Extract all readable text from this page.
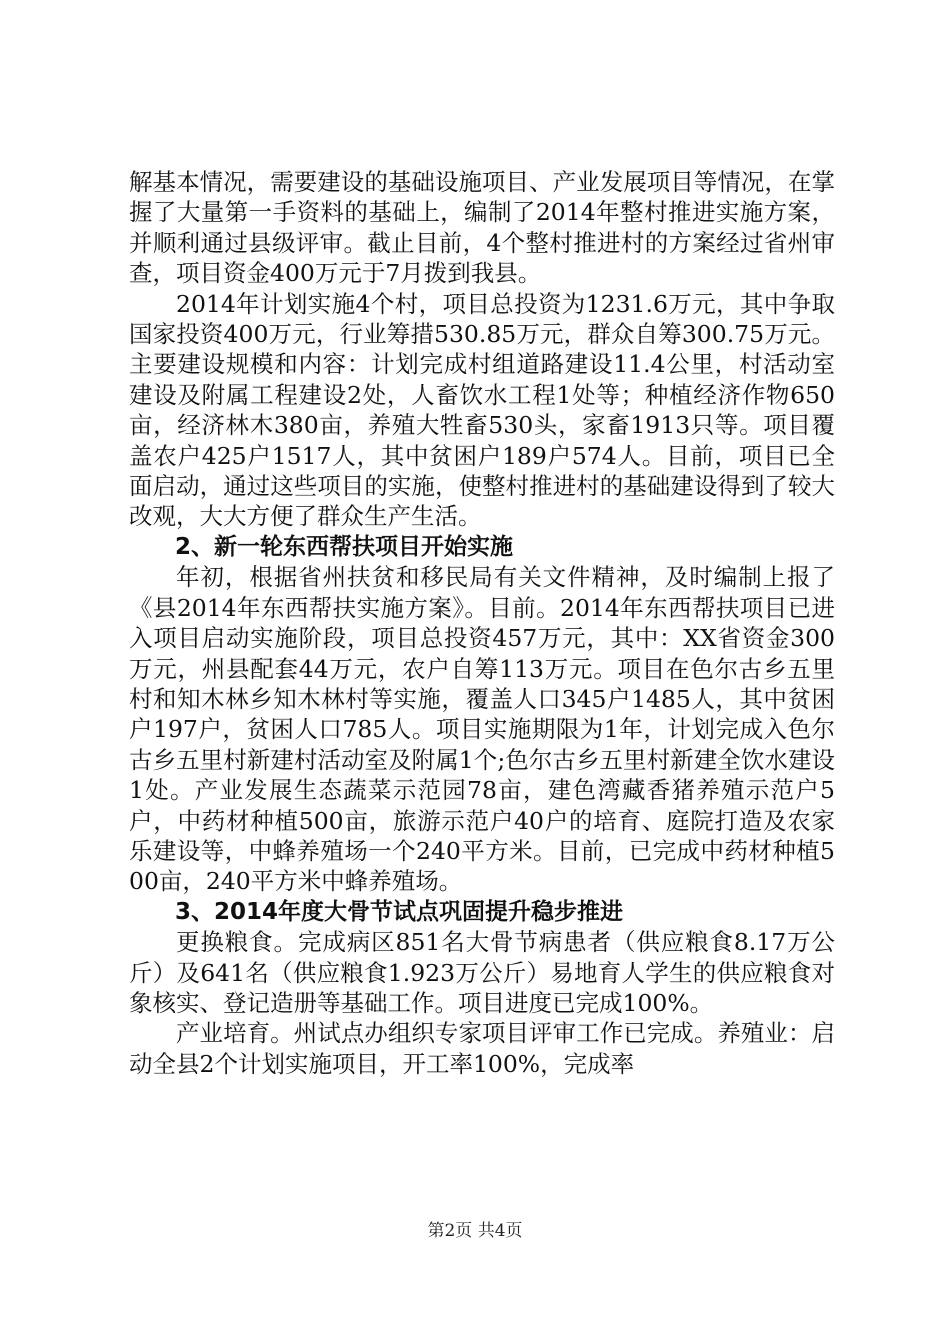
解基本情况，需要建设的基础设施项目、产业发展项目等情况，在掌握了大量第一手资料的基础上，编制了2014年整村推进实施方案，并顺利通过县级评审。截止目前，4个整村推进村的方案经过省州审查，项目资金400万元于7月拨到我县。

2014年计划实施4个村，项目总投资为1231.6万元，其中争取国家投资400万元，行业筹措530.85万元，群众自筹300.75万元。主要建设规模和内容：计划完成村组道路建设11.4公里，村活动室建设及附属工程建设2处，人畜饮水工程1处等；种植经济作物650亩，经济林木380亩，养殖大牲畜530头，家畜1913只等。项目覆盖农户425户1517人，其中贫困户189户574人。目前，项目已全面启动，通过这些项目的实施，使整村推进村的基础建设得到了较大改观，大大方便了群众生产生活。

2、新一轮东西帮扶项目开始实施

年初，根据省州扶贫和移民局有关文件精神，及时编制上报了《县2014年东西帮扶实施方案》。目前。2014年东西帮扶项目已进入项目启动实施阶段，项目总投资457万元，其中：XX省资金300万元，州县配套44万元，农户自筹113万元。项目在色尔古乡五里村和知木林乡知木林村等实施，覆盖人口345户1485人，其中贫困户197户，贫困人口785人。项目实施期限为1年，计划完成入色尔古乡五里村新建村活动室及附属1个;色尔古乡五里村新建全饮水建设1处。产业发展生态蔬菜示范园78亩，建色湾藏香猪养殖示范户5户，中药材种植500亩，旅游示范户40户的培育、庭院打造及农家乐建设等，中蜂养殖场一个240平方米。目前，已完成中药材种植500亩，240平方米中蜂养殖场。

3、2014年度大骨节试点巩固提升稳步推进

更换粮食。完成病区851名大骨节病患者（供应粮食8.17万公斤）及641名（供应粮食1.923万公斤）易地育人学生的供应粮食对象核实、登记造册等基础工作。项目进度已完成100%。

产业培育。州试点办组织专家项目评审工作已完成。养殖业：启动全县2个计划实施项目，开工率100%，完成率

第2页 共4页
